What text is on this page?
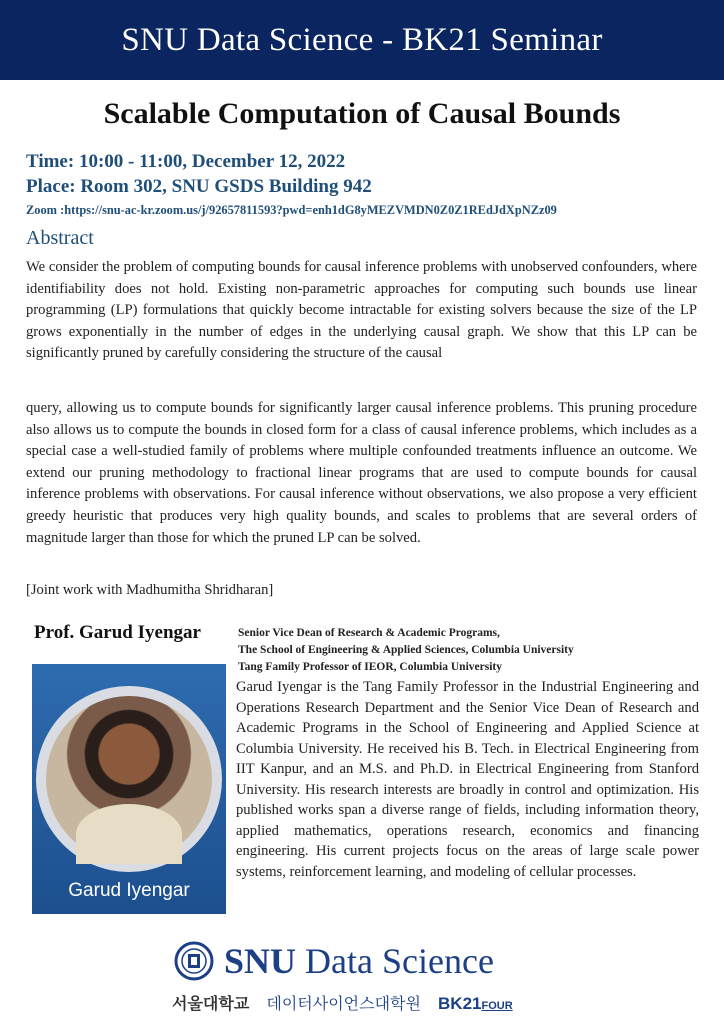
SNU Data Science - BK21 Seminar
Scalable Computation of Causal Bounds
Time: 10:00 - 11:00, December 12, 2022
Place: Room 302, SNU GSDS Building 942
Zoom :https://snu-ac-kr.zoom.us/j/92657811593?pwd=enh1dG8yMEZVMDN0Z0Z1REdJdXpNZz09
Abstract

We consider the problem of computing bounds for causal inference problems with unobserved confounders, where identifiability does not hold. Existing non-parametric approaches for computing such bounds use linear programming (LP) formulations that quickly become intractable for existing solvers because the size of the LP grows exponentially in the number of edges in the underlying causal graph. We show that this LP can be significantly pruned by carefully considering the structure of the causal

query, allowing us to compute bounds for significantly larger causal inference problems. This pruning procedure also allows us to compute the bounds in closed form for a class of causal inference problems, which includes as a special case a well-studied family of problems where multiple confounded treatments influence an outcome. We extend our pruning methodology to fractional linear programs that are used to compute bounds for causal inference problems with observations. For causal inference without observations, we also propose a very efficient greedy heuristic that produces very high quality bounds, and scales to problems that are several orders of magnitude larger than those for which the pruned LP can be solved.

[Joint work with Madhumitha Shridharan]
Prof. Garud Iyengar	Senior Vice Dean of Research & Academic Programs,
The School of Engineering & Applied Sciences, Columbia University
Tang Family Professor of IEOR, Columbia University
Garud Iyengar

Garud Iyengar is the Tang Family Professor in the Industrial Engineering and Operations Research Department and the Senior Vice Dean of Research and Academic Programs in the School of Engineering and Applied Science at Columbia University. He received his B. Tech. in Electrical Engineering from IIT Kanpur, and an M.S. and Ph.D. in Electrical Engineering from Stanford University. His research interests are broadly in control and optimization. His published works span a diverse range of fields, including information theory, applied mathematics, operations research, economics and financing engineering. His current projects focus on the areas of large scale power systems, reinforcement learning, and modeling of cellular processes.

SNU Data Science
서울대학교 데이터사이언스대학원 BK21FOUR
